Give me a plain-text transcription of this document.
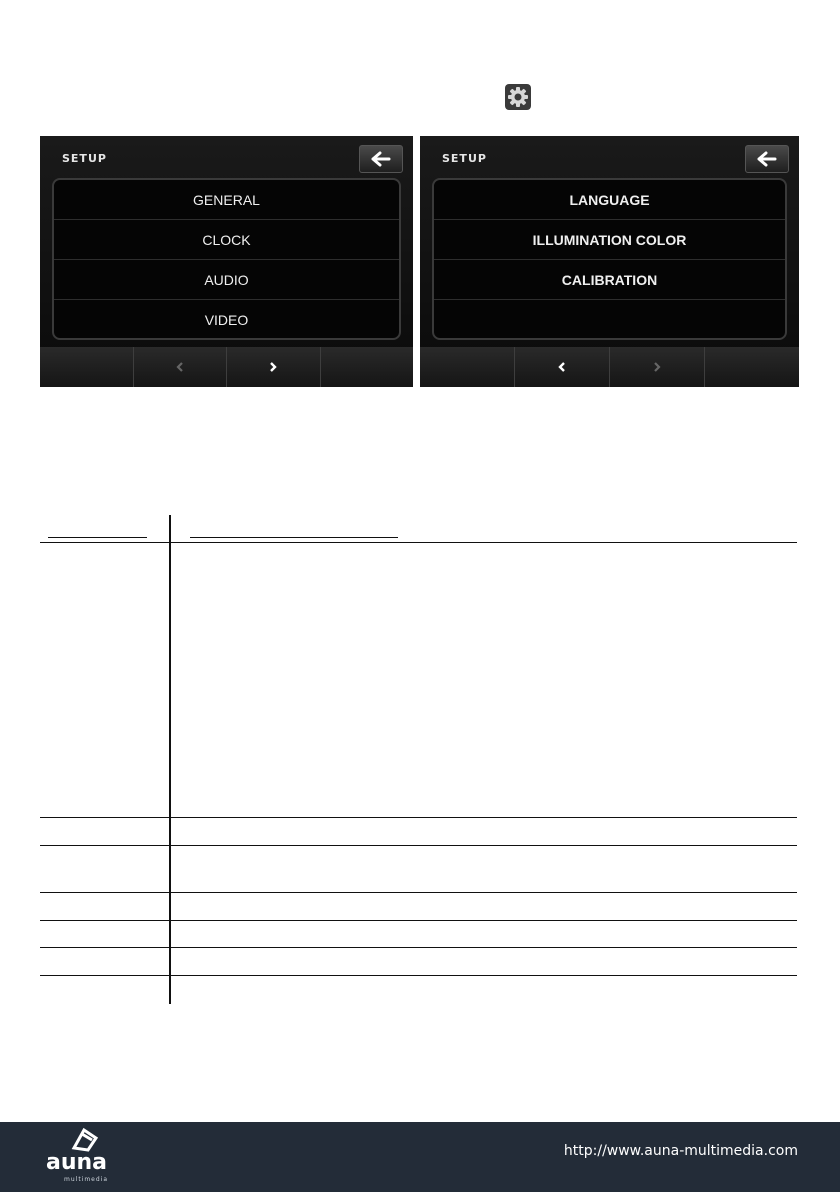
SETUP
GENERAL
CLOCK
AUDIO
VIDEO
SETUP
LANGUAGE
ILLUMINATION COLOR
CALIBRATION
auna
multimedia
http://www.auna-multimedia.com
